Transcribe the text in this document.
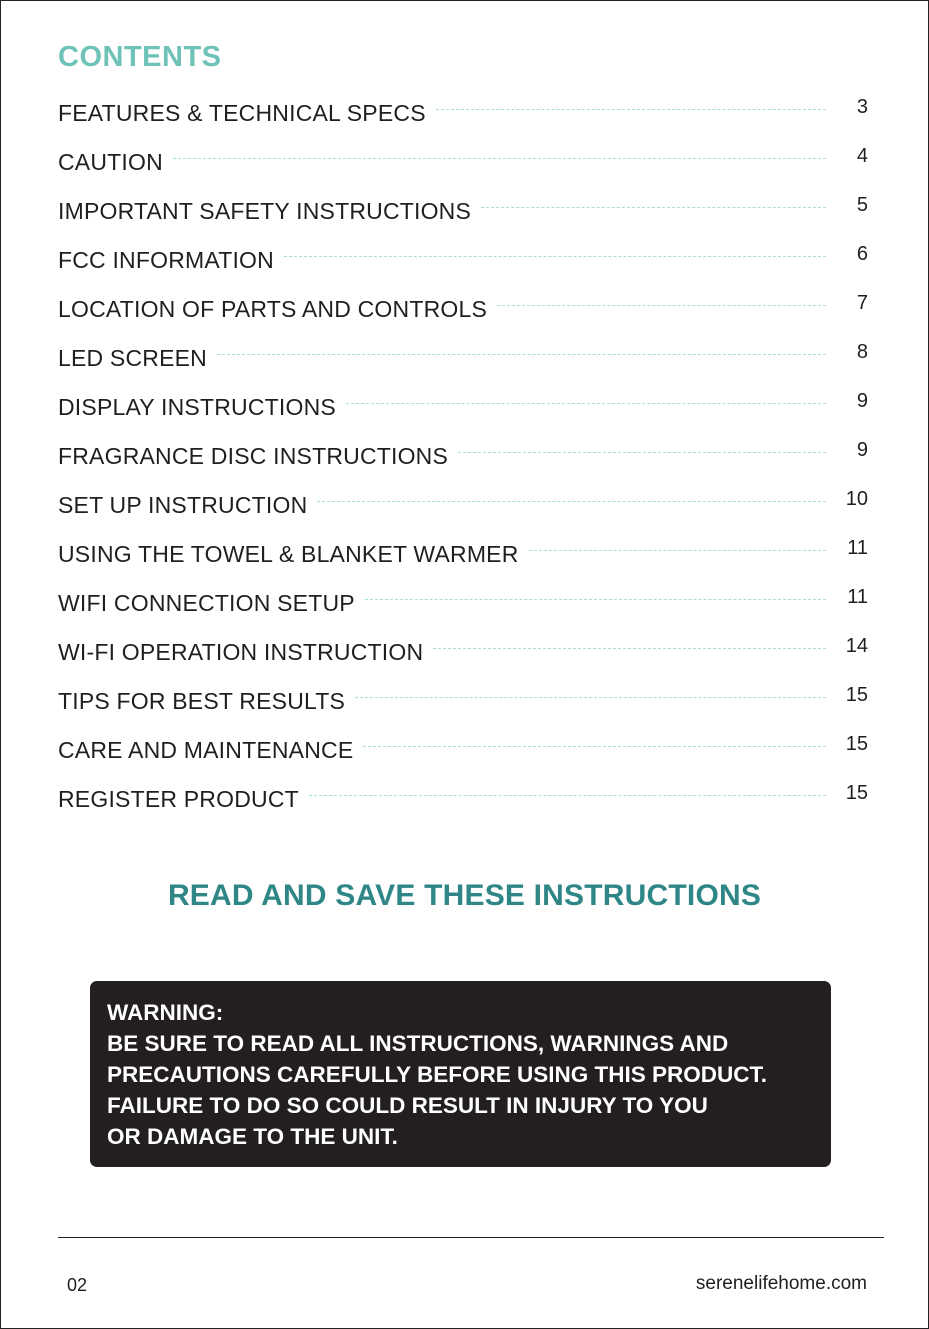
CONTENTS
FEATURES & TECHNICAL SPECS	3
CAUTION	4
IMPORTANT SAFETY INSTRUCTIONS	5
FCC INFORMATION	6
LOCATION OF PARTS AND CONTROLS	7
LED SCREEN	8
DISPLAY INSTRUCTIONS	9
FRAGRANCE DISC INSTRUCTIONS	9
SET UP INSTRUCTION	10
USING THE TOWEL & BLANKET WARMER	11
WIFI CONNECTION SETUP	11
WI-FI OPERATION INSTRUCTION	14
TIPS FOR BEST RESULTS	15
CARE AND MAINTENANCE	15
REGISTER PRODUCT	15
READ AND SAVE THESE INSTRUCTIONS
WARNING:
BE SURE TO READ ALL INSTRUCTIONS, WARNINGS AND
PRECAUTIONS CAREFULLY BEFORE USING THIS PRODUCT.
FAILURE TO DO SO COULD RESULT IN INJURY TO YOU
OR DAMAGE TO THE UNIT.
02	serenelifehome.com
